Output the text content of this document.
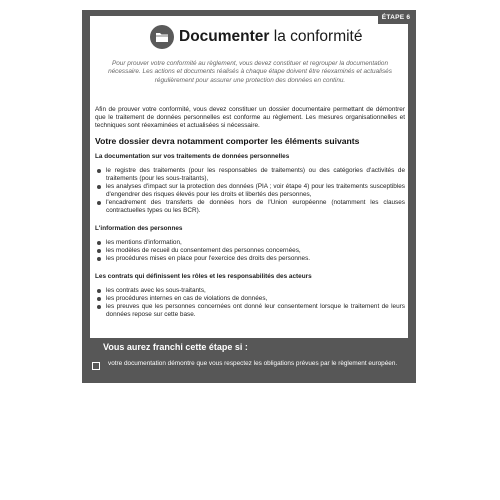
ÉTAPE 6
Documenter la conformité
Pour prouver votre conformité au règlement, vous devez constituer et regrouper la documentation nécessaire. Les actions et documents réalisés à chaque étape doivent être réexaminés et actualisés régulièrement pour assurer une protection des données en continu.

Afin de prouver votre conformité, vous devez constituer un dossier documentaire permettant de démontrer que le traitement de données personnelles est conforme au règlement. Les mesures organisationnelles et techniques sont réexaminées et actualisées si nécessaire.

Votre dossier devra notamment comporter les éléments suivants
La documentation sur vos traitements de données personnelles
le registre des traitements (pour les responsables de traitements) ou des catégories d'activités de traitements (pour les sous-traitants),
les analyses d'impact sur la protection des données (PIA ; voir étape 4) pour les traitements susceptibles d'engendrer des risques élevés pour les droits et libertés des personnes,
l'encadrement des transferts de données hors de l'Union européenne (notamment les clauses contractuelles types ou les BCR).
L'information des personnes
les mentions d'information,
les modèles de recueil du consentement des personnes concernées,
les procédures mises en place pour l'exercice des droits des personnes.
Les contrats qui définissent les rôles et les responsabilités des acteurs
les contrats avec les sous-traitants,
les procédures internes en cas de violations de données,
les preuves que les personnes concernées ont donné leur consentement lorsque le traitement de leurs données repose sur cette base.
Vous aurez franchi cette étape si :
votre documentation démontre que vous respectez les obligations prévues par le règlement européen.
